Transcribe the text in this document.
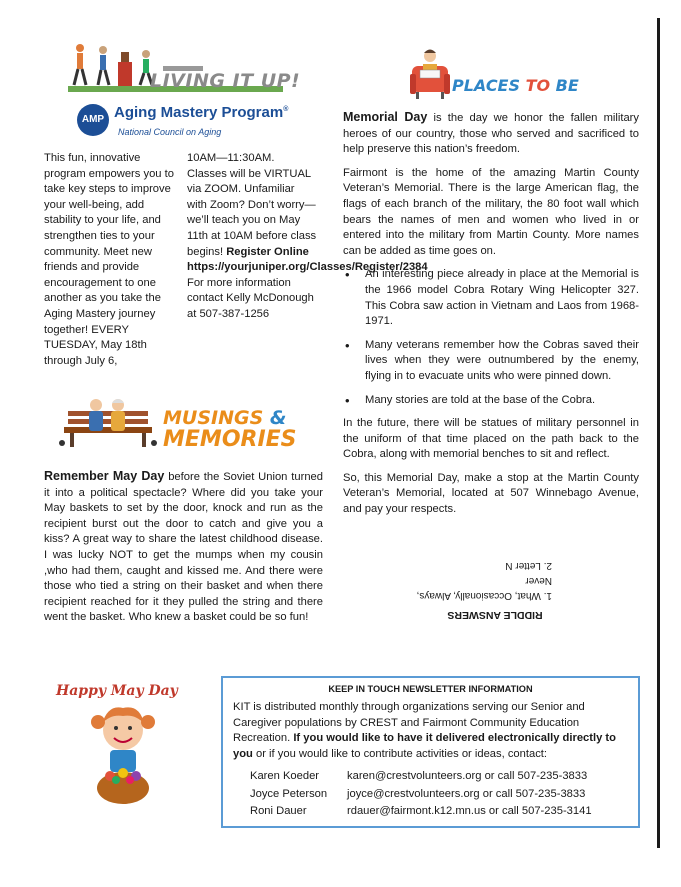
LIVING IT UP!
AMP Aging Mastery Program®
National Council on Aging
This fun, innovative program empowers you to take key steps to improve your well-being, add stability to your life, and strengthen ties to your community. Meet new friends and provide encouragement to one another as you take the Aging Mastery journey together! EVERY TUESDAY, May 18th through July 6,
10AM—11:30AM. Classes will be VIRTUAL via ZOOM. Unfamiliar with Zoom? Don’t worry—we’ll teach you on May 11th at 10AM before class begins! Register Online https://yourjuniper.org/Classes/Register/2384 For more information contact Kelly McDonough at 507-387-1256
PLACES TO BE

Memorial Day is the day we honor the fallen military heroes of our country, those who served and sacrificed to help preserve this nation’s freedom.

Fairmont is the home of the amazing Martin County Veteran’s Memorial. There is the large American flag, the flags of each branch of the military, the 80 foot wall which bears the names of men and women who lived in or entered into the military from Martin County. More names can be added as time goes on.

• An interesting piece already in place at the Memorial is the 1966 model Cobra Rotary Wing Helicopter 327. This Cobra saw action in Vietnam and Laos from 1968-1971.
• Many veterans remember how the Cobras saved their lives when they were outnumbered by the enemy, flying in to evacuate units who were pinned down.
• Many stories are told at the base of the Cobra.

In the future, there will be statues of military personnel in the uniform of that time placed on the path back to the Cobra, along with memorial benches to sit and reflect.

So, this Memorial Day, make a stop at the Martin County Veteran’s Memorial, located at 507 Winnebago Avenue, and pay your respects.

RIDDLE ANSWERS
1. What, Occasionally, Always, Never
2. Letter N
MUSINGS &
MEMORIES
Remember May Day before the Soviet Union turned it into a political spectacle? Where did you take your May baskets to set by the door, knock and run as the recipient burst out the door to catch and give you a kiss? A great way to share the latest childhood disease. I was lucky NOT to get the mumps when my cousin ,who had them, caught and kissed me. And there were those who tied a string on their basket and when there recipient reached for it they pulled the string and there went the basket. Who knew a basket could be so fun!
Happy May Day	KEEP IN TOUCH NEWSLETTER INFORMATION
KIT is distributed monthly through organizations serving our Senior and Caregiver populations by CREST and Fairmont Community Education Recreation. If you would like to have it delivered electronically directly to you or if you would like to contribute activities or ideas, contact:
Karen Koeder	karen@crestvolunteers.org or call 507-235-3833
Joyce Peterson	joyce@crestvolunteers.org or call 507-235-3833
Roni Dauer	rdauer@fairmont.k12.mn.us or call 507-235-3141
